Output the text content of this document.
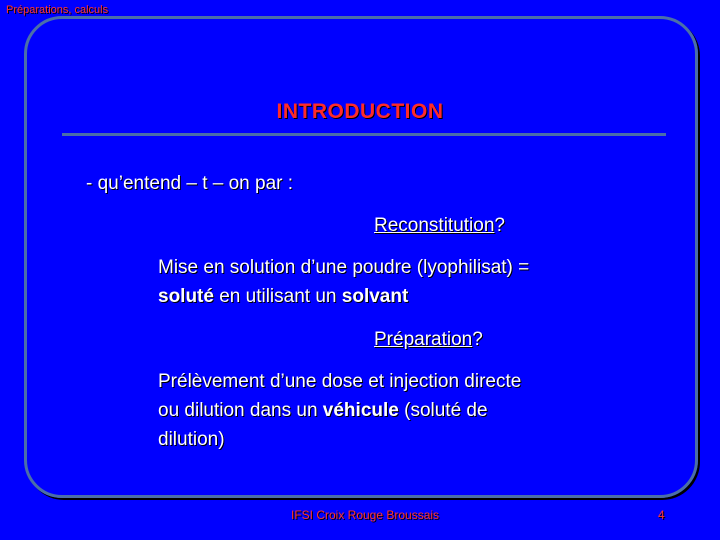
Préparations, calculs
INTRODUCTION
- qu’entend – t – on par :
Reconstitution?
Mise en solution d’une poudre (lyophilisat) =
soluté en utilisant un solvant
Préparation?
Prélèvement d’une dose et injection directe
ou dilution dans un véhicule (soluté de
dilution)
IFSI Croix Rouge Broussais	4
